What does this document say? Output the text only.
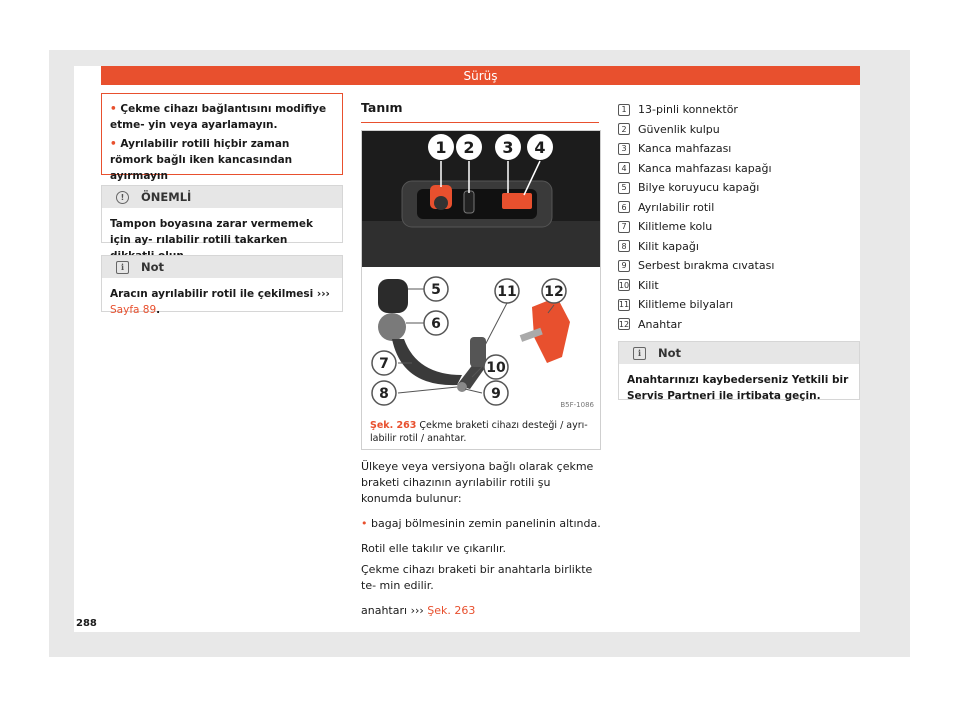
Sürüş
• Çekme cihazı bağlantısını modifiye etme- yin veya ayarlamayın.
• Ayrılabilir rotili hiçbir zaman römork bağlı iken kancasından ayırmayın
!	ÖNEMLİ
Tampon boyasına zarar vermemek için ay- rılabilir rotili takarken
i	Not
Aracın ayrılabilir rotil ile çekilmesi ››› Sayfa 89.
Tanım
1 2 3 4
5
6
7
8	9
10
11 12
B5F-1086
Şek. 263 Çekme braketi cihazı desteği / ayrı- labilir rotil / anahtar.
Ülkeye veya versiyona bağlı olarak çekme braketi cihazının ayrılabilir rotili şu konumda bulunur:
• bagaj bölmesinin zemin panelinin altında.
Rotil elle takılır ve çıkarılır.
Çekme cihazı braketi bir anahtarla birlikte te- min edilir.
anahtarı ››› Şek. 263
1	13-pinli konnektör
2	Güvenlik kulpu
3	Kanca mahfazası
4	Kanca mahfazası kapağı
5	Bilye koruyucu kapağı
6	Ayrılabilir rotil
7	Kilitleme kolu
8	Kilit kapağı
9	Serbest bırakma cıvatası
10 Kilit
11 Kilitleme bilyaları
12 Anahtar
i	Not
Anahtarınızı kaybederseniz Yetkili bir Servis Partneri ile irtibata geçin.
288
